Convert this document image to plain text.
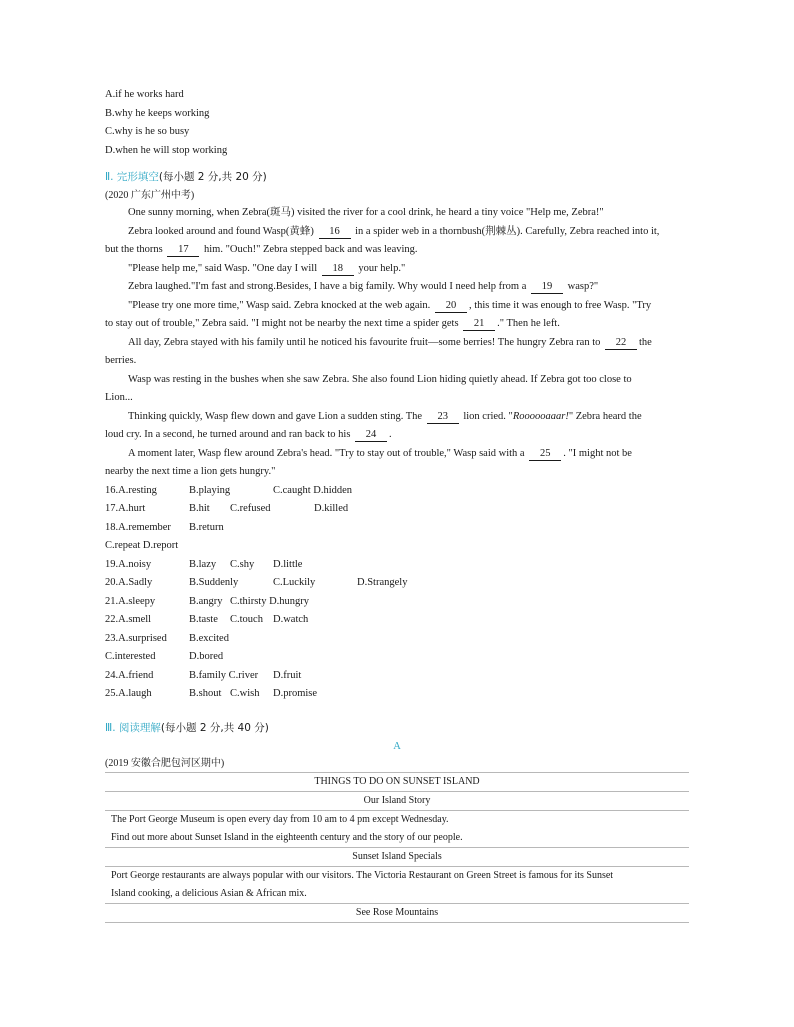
A.if he works hard
B.why he keeps working
C.why is he so busy
D.when he will stop working
Ⅱ. 完形填空(每小题 2 分,共 20 分)
(2020 广东广州中考)
One sunny morning, when Zebra(斑马) visited the river for a cool drink, he heard a tiny voice "Help me, Zebra!"
Zebra looked around and found Wasp(黄蜂) 16 in a spider web in a thornbush(荆棘丛). Carefully, Zebra reached into it,
but the thorns 17 him. "Ouch!" Zebra stepped back and was leaving.
"Please help me," said Wasp. "One day I will 18 your help."
Zebra laughed."I'm fast and strong.Besides, I have a big family. Why would I need help from a 19 wasp?"
"Please try one more time," Wasp said. Zebra knocked at the web again. 20 , this time it was enough to free Wasp. "Try
to stay out of trouble," Zebra said. "I might not be nearby the next time a spider gets 21 ." Then he left.
All day, Zebra stayed with his family until he noticed his favourite fruit—some berries! The hungry Zebra ran to 22 the
berries.
Wasp was resting in the bushes when she saw Zebra. She also found Lion hiding quietly ahead. If Zebra got too close to
Lion...
Thinking quickly, Wasp flew down and gave Lion a sudden sting. The 23 lion cried. "Roooooaaar!" Zebra heard the
loud cry. In a second, he turned around and ran back to his 24 .
A moment later, Wasp flew around Zebra's head. "Try to stay out of trouble," Wasp said with a 25 . "I might not be
nearby the next time a lion gets hungry."
16.A.resting	B.playing	C.caught D.hidden
17.A.hurt	B.hit C.refused	D.killed
18.A.remember B.return
C.repeat D.report
19.A.noisy	B.lazy C.shy D.little
20.A.Sadly	B.Suddenly	C.Luckily	D.Strangely
21.A.sleepy	B.angry C.thirsty D.hungry
22.A.smell	B.taste C.touch D.watch
23.A.surprised B.excited
C.interested	D.bored
24.A.friend	B.family C.river D.fruit
25.A.laugh	B.shout C.wish D.promise
Ⅲ. 阅读理解(每小题 2 分,共 40 分)
A
(2019 安徽合肥包河区期中)
THINGS TO DO ON SUNSET ISLAND
Our Island Story
The Port George Museum is open every day from 10 am to 4 pm except Wednesday.
Find out more about Sunset Island in the eighteenth century and the story of our people.
Sunset Island Specials
Port George restaurants are always popular with our visitors. The Victoria Restaurant on Green Street is famous for its Sunset
Island cooking, a delicious Asian & African mix.
See Rose Mountains
